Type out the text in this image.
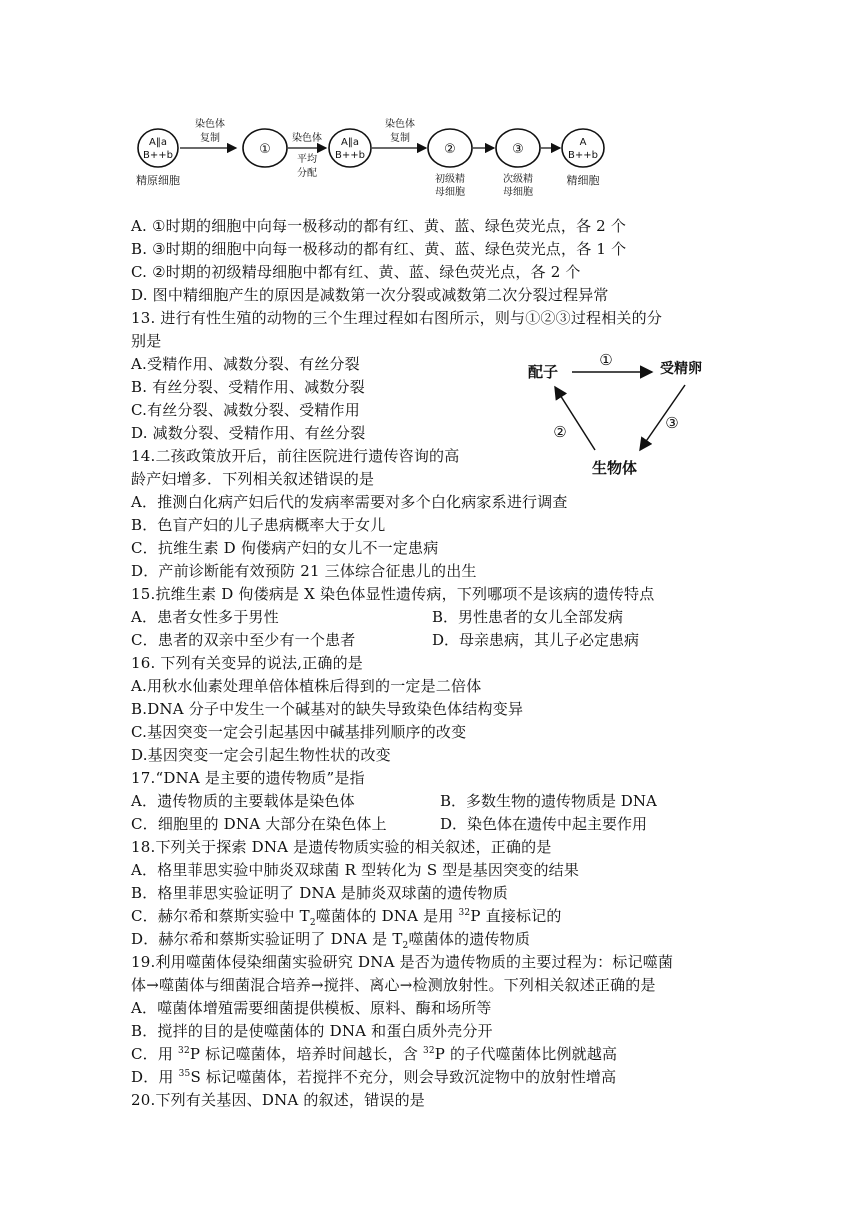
A‖a
B++b
精原细胞
染色体
复制
①
染色体
平均
分配
A‖a
B++b
染色体
复制
②
初级精
母细胞
③
次级精
母细胞
A
B++b
精细胞
A. ①时期的细胞中向每一极移动的都有红、黄、蓝、绿色荧光点，各 2 个
B. ③时期的细胞中向每一极移动的都有红、黄、蓝、绿色荧光点，各 1 个
C. ②时期的初级精母细胞中都有红、黄、蓝、绿色荧光点，各 2 个
D. 图中精细胞产生的原因是减数第一次分裂或减数第二次分裂过程异常
13. 进行有性生殖的动物的三个生理过程如右图所示，则与①②③过程相关的分
别是
A.受精作用、减数分裂、有丝分裂
B. 有丝分裂、受精作用、减数分裂
C.有丝分裂、减数分裂、受精作用
D. 减数分裂、受精作用、有丝分裂
配子	受精卵
生物体
①
②	③
14.二孩政策放开后，前往医院进行遗传咨询的高
龄产妇增多．下列相关叙述错误的是
A．推测白化病产妇后代的发病率需要对多个白化病家系进行调查
B．色盲产妇的儿子患病概率大于女儿
C．抗维生素 D 佝偻病产妇的女儿不一定患病
D．产前诊断能有效预防 21 三体综合征患儿的出生
15.抗维生素 D 佝偻病是 X 染色体显性遗传病，下列哪项不是该病的遗传特点
A．患者女性多于男性	B．男性患者的女儿全部发病
C．患者的双亲中至少有一个患者	D．母亲患病，其儿子必定患病
16. 下列有关变异的说法,正确的是
A.用秋水仙素处理单倍体植株后得到的一定是二倍体
B.DNA 分子中发生一个碱基对的缺失导致染色体结构变异
C.基因突变一定会引起基因中碱基排列顺序的改变
D.基因突变一定会引起生物性状的改变
17.“DNA 是主要的遗传物质”是指
A．遗传物质的主要载体是染色体	B．多数生物的遗传物质是 DNA
C．细胞里的 DNA 大部分在染色体上	D．染色体在遗传中起主要作用
18.下列关于探索 DNA 是遗传物质实验的相关叙述，正确的是
A．格里菲思实验中肺炎双球菌 R 型转化为 S 型是基因突变的结果
B．格里菲思实验证明了 DNA 是肺炎双球菌的遗传物质
C．赫尔希和蔡斯实验中 $T_2$噬菌体的 DNA 是用 $^{32}$P 直接标记的
D．赫尔希和蔡斯实验证明了 DNA 是 $T_2$噬菌体的遗传物质
19.利用噬菌体侵染细菌实验研究 DNA 是否为遗传物质的主要过程为：标记噬菌
体→噬菌体与细菌混合培养→搅拌、离心→检测放射性。下列相关叙述正确的是
A．噬菌体增殖需要细菌提供模板、原料、酶和场所等
B．搅拌的目的是使噬菌体的 DNA 和蛋白质外壳分开
C．用 $^{32}$P 标记噬菌体，培养时间越长，含 $^{32}$P 的子代噬菌体比例就越高
D．用 $^{35}$S 标记噬菌体，若搅拌不充分，则会导致沉淀物中的放射性增高
20.下列有关基因、DNA 的叙述，错误的是
